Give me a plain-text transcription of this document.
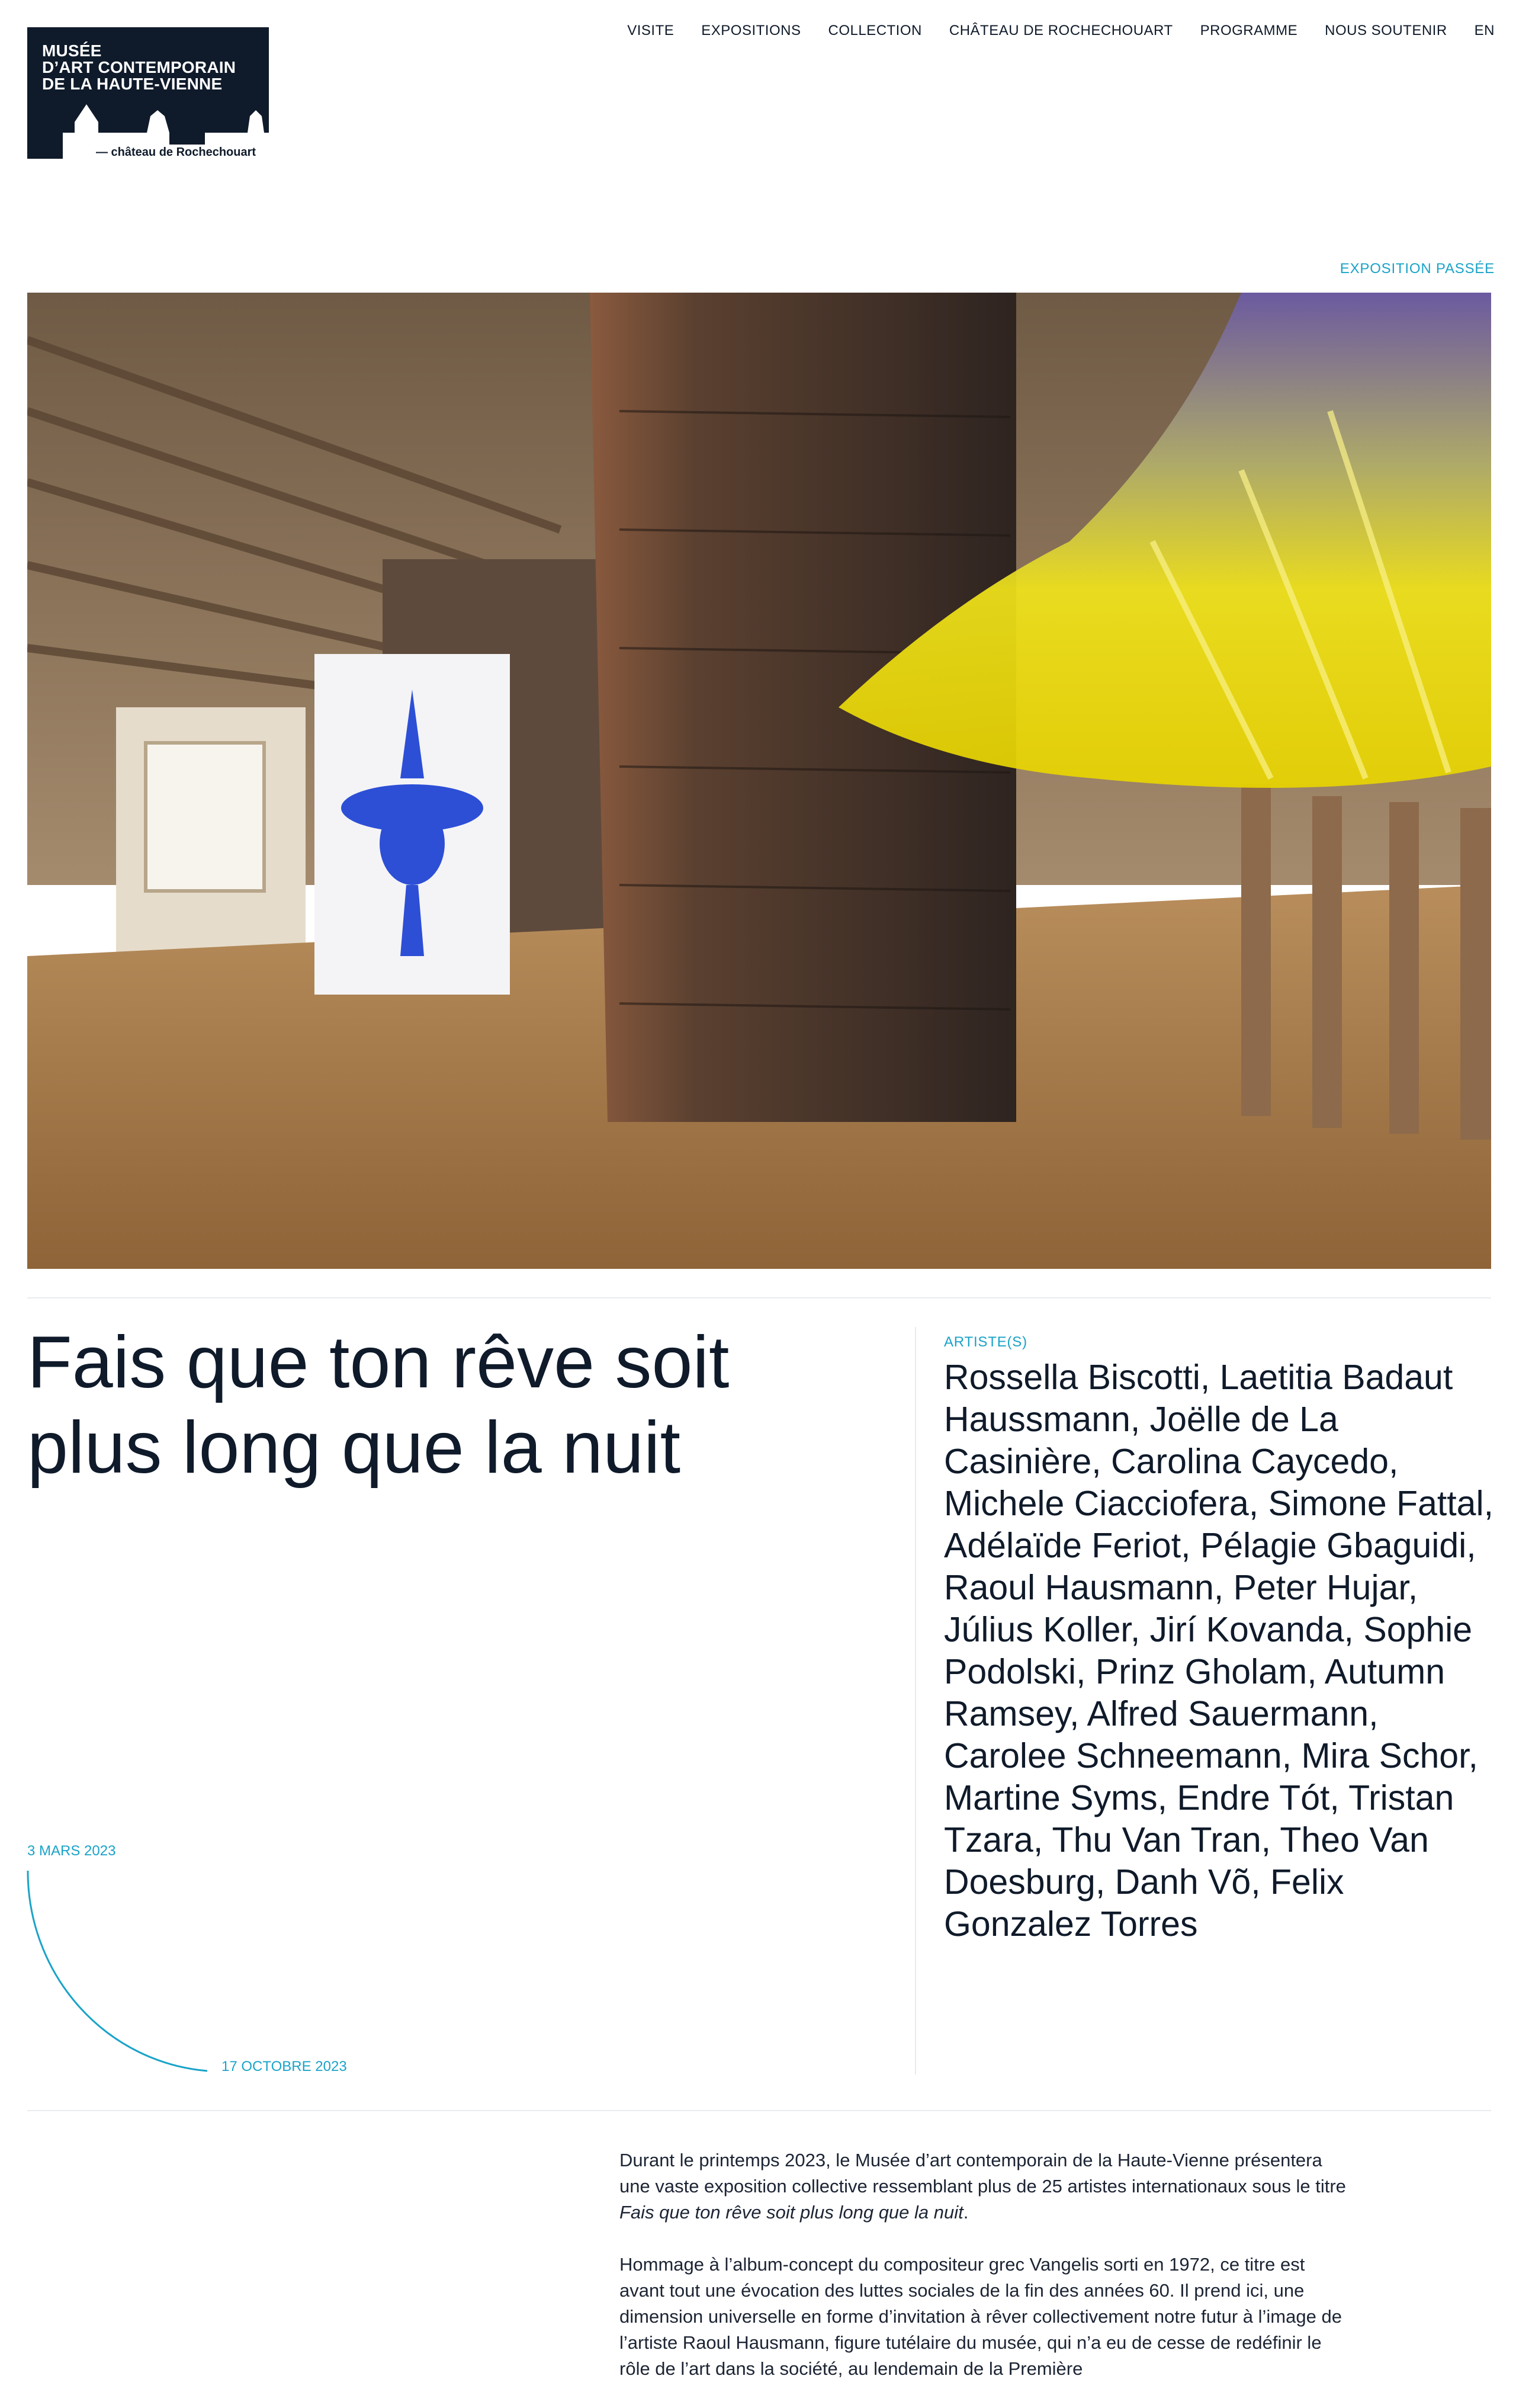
MUSÉE
D’ART CONTEMPORAIN
DE LA HAUTE-VIENNE
— château de Rochechouart
VISITE EXPOSITIONS COLLECTION CHÂTEAU DE ROCHECHOUART PROGRAMME NOUS SOUTENIR EN
EXPOSITION PASSÉE
Fais que ton rêve soit plus long que la nuit
ARTISTE(S)
Rossella Biscotti, Laetitia Badaut Haussmann, Joëlle de La Casinière, Carolina Caycedo, Michele Ciacciofera, Simone Fattal, Adélaïde Feriot, Pélagie Gbaguidi, Raoul Hausmann, Peter Hujar, Július Koller, Jirí Kovanda, Sophie Podolski, Prinz Gholam, Autumn Ramsey, Alfred Sauermann, Carolee Schneemann, Mira Schor, Martine Syms, Endre Tót, Tristan Tzara, Thu Van Tran, Theo Van Doesburg, Danh Võ, Felix Gonzalez Torres
3 MARS 2023
17 OCTOBRE 2023

Durant le printemps 2023, le Musée d’art contemporain de la Haute-Vienne présentera une vaste exposition collective ressemblant plus de 25 artistes internationaux sous le titre Fais que ton rêve soit plus long que la nuit.

Hommage à l’album-concept du compositeur grec Vangelis sorti en 1972, ce titre est avant tout une évocation des luttes sociales de la fin des années 60. Il prend ici, une dimension universelle en forme d’invitation à rêver collectivement notre futur à l’image de l’artiste Raoul Hausmann, figure tutélaire du musée, qui n’a eu de cesse de redéfinir le rôle de l’art dans la société, au lendemain de la Première
